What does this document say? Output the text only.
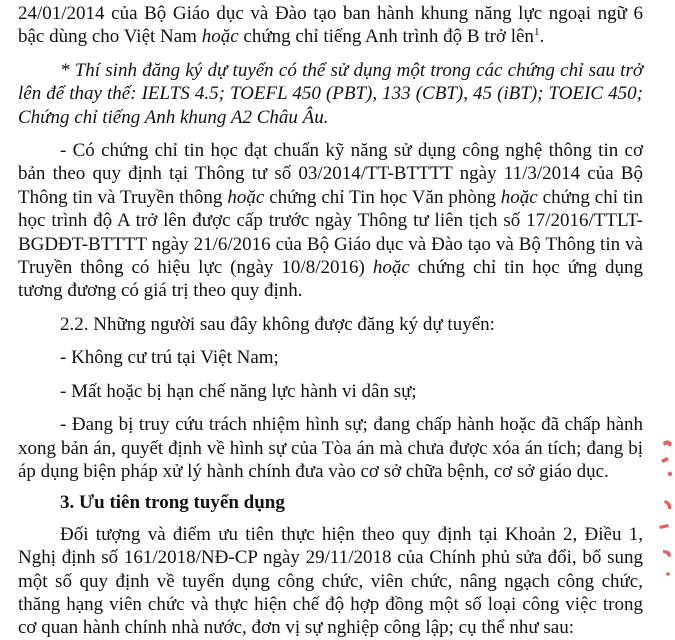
24/01/2014 của Bộ Giáo dục và Đào tạo ban hành khung năng lực ngoại ngữ 6 bậc dùng cho Việt Nam hoặc chứng chỉ tiếng Anh trình độ B trở lên$^1$.

* Thí sinh đăng ký dự tuyển có thể sử dụng một trong các chứng chỉ sau trở lên để thay thế: IELTS 4.5; TOEFL 450 (PBT), 133 (CBT), 45 (iBT); TOEIC 450; Chứng chỉ tiếng Anh khung A2 Châu Âu.

- Có chứng chỉ tin học đạt chuẩn kỹ năng sử dụng công nghệ thông tin cơ bản theo quy định tại Thông tư số 03/2014/TT-BTTTT ngày 11/3/2014 của Bộ Thông tin và Truyền thông hoặc chứng chỉ Tin học Văn phòng hoặc chứng chỉ tin học trình độ A trở lên được cấp trước ngày Thông tư liên tịch số 17/2016/TTLT-BGDĐT-BTTTT ngày 21/6/2016 của Bộ Giáo dục và Đào tạo và Bộ Thông tin và Truyền thông có hiệu lực (ngày 10/8/2016) hoặc chứng chỉ tin học ứng dụng tương đương có giá trị theo quy định.

2.2. Những người sau đây không được đăng ký dự tuyển:

- Không cư trú tại Việt Nam;

- Mất hoặc bị hạn chế năng lực hành vi dân sự;

- Đang bị truy cứu trách nhiệm hình sự; đang chấp hành hoặc đã chấp hành xong bản án, quyết định về hình sự của Tòa án mà chưa được xóa án tích; đang bị áp dụng biện pháp xử lý hành chính đưa vào cơ sở chữa bệnh, cơ sở giáo dục.

3. Ưu tiên trong tuyển dụng

Đối tượng và điểm ưu tiên thực hiện theo quy định tại Khoản 2, Điều 1, Nghị định số 161/2018/NĐ-CP ngày 29/11/2018 của Chính phủ sửa đổi, bổ sung một số quy định về tuyển dụng công chức, viên chức, nâng ngạch công chức, thăng hạng viên chức và thực hiện chế độ hợp đồng một số loại công việc trong cơ quan hành chính nhà nước, đơn vị sự nghiệp công lập; cụ thể như sau:
